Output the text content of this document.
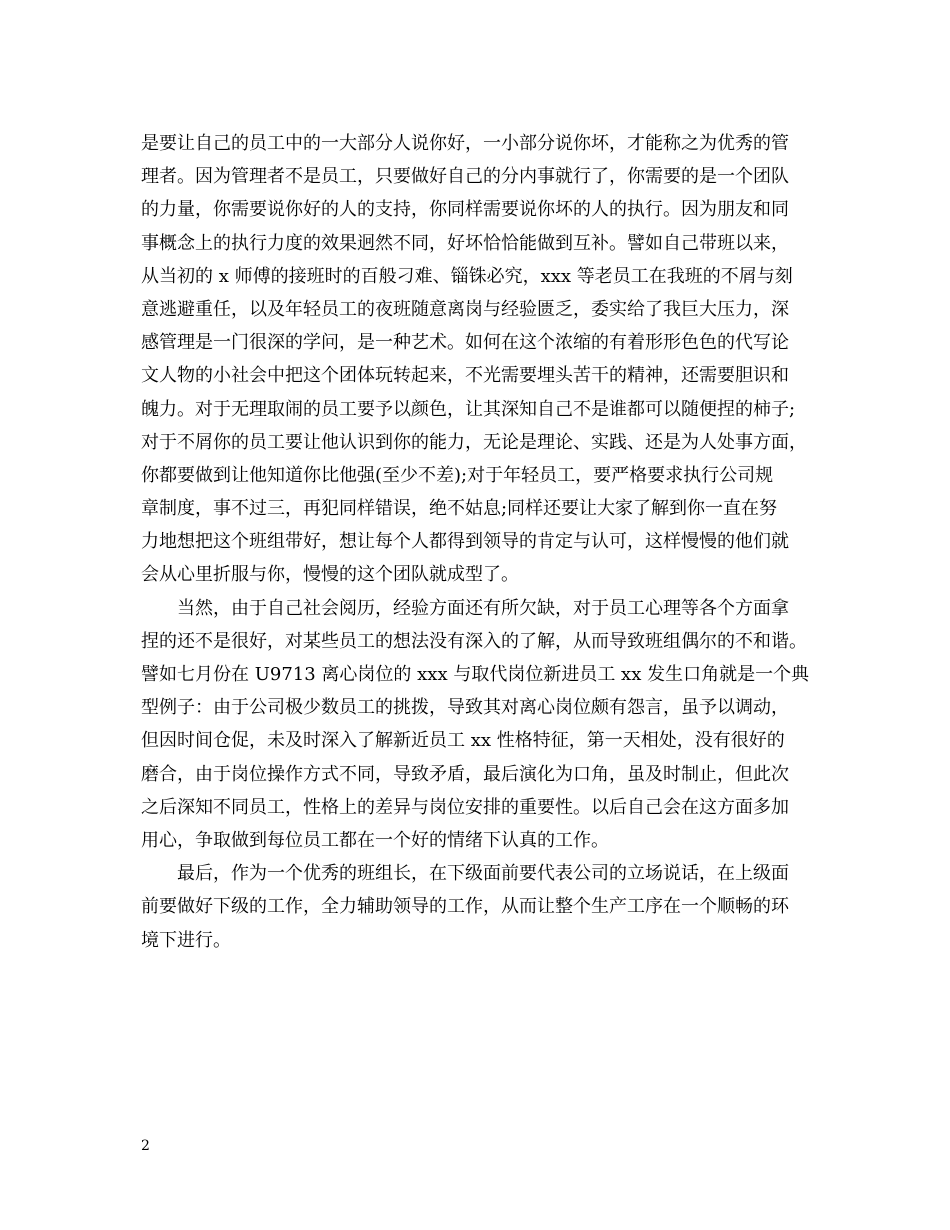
是要让自己的员工中的一大部分人说你好，一小部分说你坏，才能称之为优秀的管
理者。因为管理者不是员工，只要做好自己的分内事就行了，你需要的是一个团队
的力量，你需要说你好的人的支持，你同样需要说你坏的人的执行。因为朋友和同
事概念上的执行力度的效果迥然不同，好坏恰恰能做到互补。譬如自己带班以来，
从当初的 x 师傅的接班时的百般刁难、锱铢必究，xxx 等老员工在我班的不屑与刻
意逃避重任，以及年轻员工的夜班随意离岗与经验匮乏，委实给了我巨大压力，深
感管理是一门很深的学问，是一种艺术。如何在这个浓缩的有着形形色色的代写论
文人物的小社会中把这个团体玩转起来，不光需要埋头苦干的精神，还需要胆识和
魄力。对于无理取闹的员工要予以颜色，让其深知自己不是谁都可以随便捏的柿子;
对于不屑你的员工要让他认识到你的能力，无论是理论、实践、还是为人处事方面，
你都要做到让他知道你比他强(至少不差);对于年轻员工，要严格要求执行公司规
章制度，事不过三，再犯同样错误，绝不姑息;同样还要让大家了解到你一直在努
力地想把这个班组带好，想让每个人都得到领导的肯定与认可，这样慢慢的他们就
会从心里折服与你，慢慢的这个团队就成型了。
当然，由于自己社会阅历，经验方面还有所欠缺，对于员工心理等各个方面拿
捏的还不是很好，对某些员工的想法没有深入的了解，从而导致班组偶尔的不和谐。
譬如七月份在 U9713 离心岗位的 xxx 与取代岗位新进员工 xx 发生口角就是一个典
型例子：由于公司极少数员工的挑拨，导致其对离心岗位颇有怨言，虽予以调动，
但因时间仓促，未及时深入了解新近员工 xx 性格特征，第一天相处，没有很好的
磨合，由于岗位操作方式不同，导致矛盾，最后演化为口角，虽及时制止，但此次
之后深知不同员工，性格上的差异与岗位安排的重要性。以后自己会在这方面多加
用心，争取做到每位员工都在一个好的情绪下认真的工作。
最后，作为一个优秀的班组长，在下级面前要代表公司的立场说话，在上级面
前要做好下级的工作，全力辅助领导的工作，从而让整个生产工序在一个顺畅的环
境下进行。
2
